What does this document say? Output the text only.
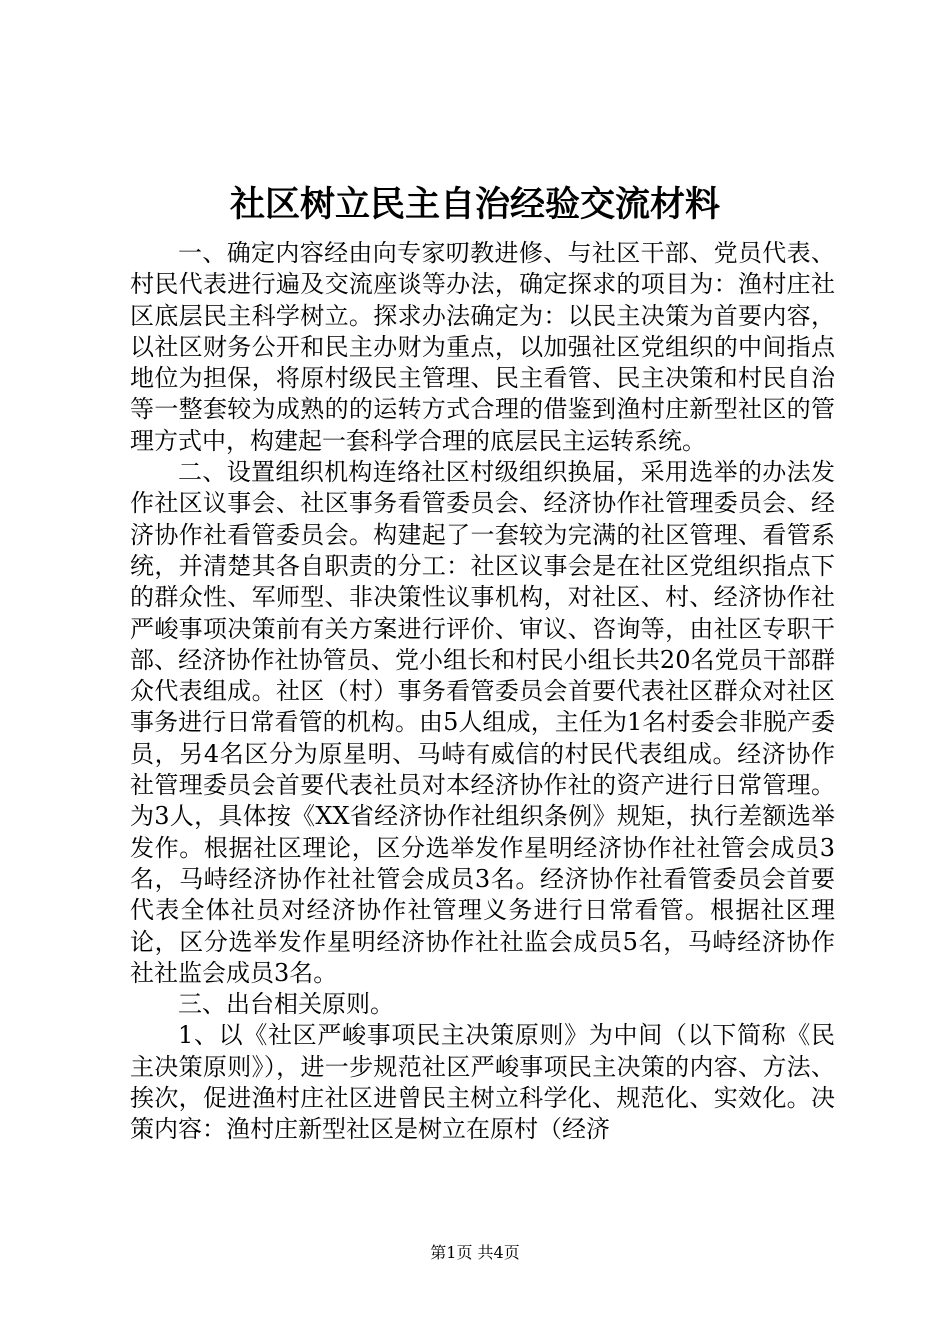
社区树立民主自治经验交流材料

一、确定内容经由向专家叨教进修、与社区干部、党员代表、村民代表进行遍及交流座谈等办法，确定探求的项目为：渔村庄社区底层民主科学树立。探求办法确定为：以民主决策为首要内容，以社区财务公开和民主办财为重点，以加强社区党组织的中间指点地位为担保，将原村级民主管理、民主看管、民主决策和村民自治等一整套较为成熟的的运转方式合理的借鉴到渔村庄新型社区的管理方式中，构建起一套科学合理的底层民主运转系统。

二、设置组织机构连络社区村级组织换届，采用选举的办法发作社区议事会、社区事务看管委员会、经济协作社管理委员会、经济协作社看管委员会。构建起了一套较为完满的社区管理、看管系统，并清楚其各自职责的分工：社区议事会是在社区党组织指点下的群众性、军师型、非决策性议事机构，对社区、村、经济协作社严峻事项决策前有关方案进行评价、审议、咨询等，由社区专职干部、经济协作社协管员、党小组长和村民小组长共20名党员干部群众代表组成。社区（村）事务看管委员会首要代表社区群众对社区事务进行日常看管的机构。由5人组成，主任为1名村委会非脱产委员，另4名区分为原星明、马峙有威信的村民代表组成。经济协作社管理委员会首要代表社员对本经济协作社的资产进行日常管理。为3人，具体按《XX省经济协作社组织条例》规矩，执行差额选举发作。根据社区理论，区分选举发作星明经济协作社社管会成员3名，马峙经济协作社社管会成员3名。经济协作社看管委员会首要代表全体社员对经济协作社管理义务进行日常看管。根据社区理论，区分选举发作星明经济协作社社监会成员5名，马峙经济协作社社监会成员3名。

三、出台相关原则。

1、以《社区严峻事项民主决策原则》为中间（以下简称《民主决策原则》），进一步规范社区严峻事项民主决策的内容、方法、挨次，促进渔村庄社区进曾民主树立科学化、规范化、实效化。决策内容：渔村庄新型社区是树立在原村（经济

第1页 共4页
